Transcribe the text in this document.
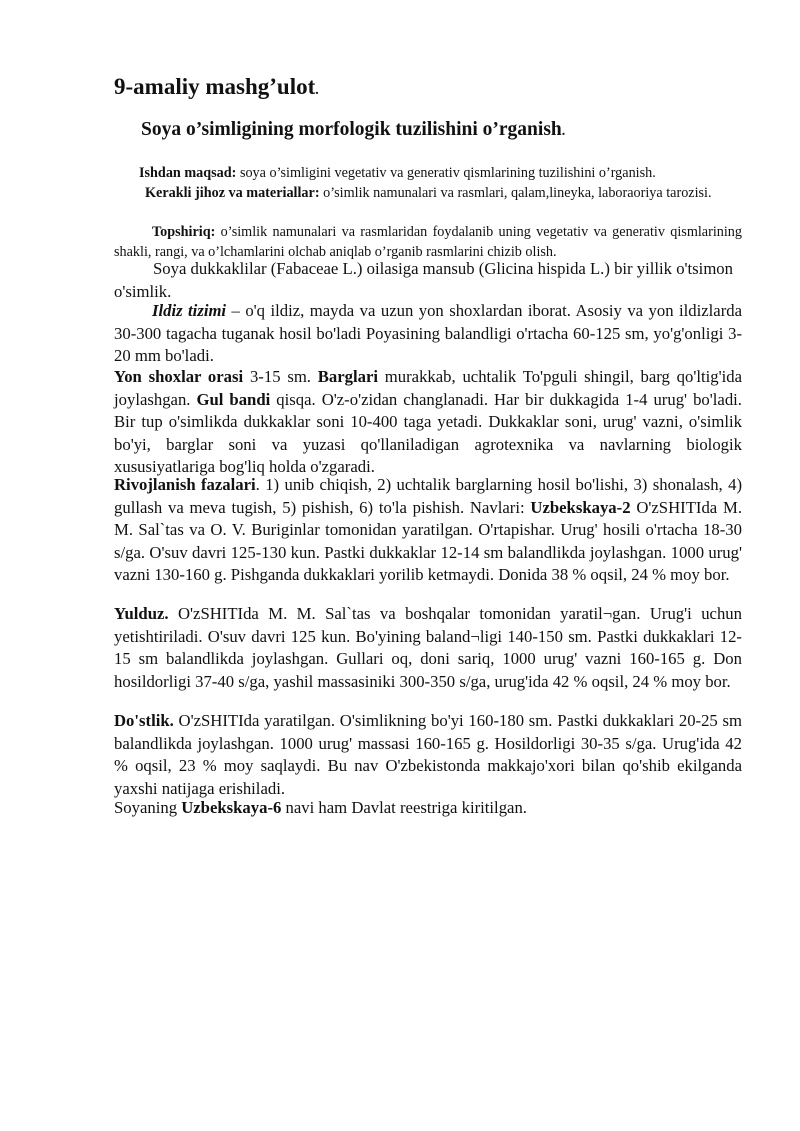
9-amaliy mashg’ulot.
Soya o’simligining morfologik tuzilishini o’rganish.

Ishdan maqsad: soya o’simligini vegetativ va generativ qismlarining tuzilishini o’rganish.

Kerakli jihoz va materiallar: o’simlik namunalari va rasmlari, qalam,lineyka, laboraoriya tarozisi.

Topshiriq: o’simlik namunalari va rasmlaridan foydalanib uning vegetativ va generativ qismlarining shakli, rangi, va o’lchamlarini olchab aniqlab o’rganib rasmlarini chizib olish.

Soya dukkaklilar (Fabaceae L.) oilasiga mansub (Glicina hispida L.) bir yillik o'tsimon o'simlik.

Ildiz tizimi – o'q ildiz, mayda va uzun yon shoxlardan iborat. Asosiy va yon ildizlarda 30-300 tagacha tuganak hosil bo'ladi Poyasining balandligi o'rtacha 60-125 sm, yo'g'onligi 3-20 mm bo'ladi.

Yon shoxlar orasi 3-15 sm. Barglari murakkab, uchtalik To'pguli shingil, barg qo'ltig'ida joylashgan. Gul bandi qisqa. O'z-o'zidan changlanadi. Har bir dukkagida 1-4 urug' bo'ladi. Bir tup o'simlikda dukkaklar soni 10-400 taga yetadi. Dukkaklar soni, urug' vazni, o'simlik bo'yi, barglar soni va yuzasi qo'llaniladigan agrotexnika va navlarning biologik xususiyatlariga bog'liq holda o'zgaradi.

Rivojlanish fazalari. 1) unib chiqish, 2) uchtalik barglarning hosil bo'lishi, 3) shonalash, 4) gullash va meva tugish, 5) pishish, 6) to'la pishish. Navlari: Uzbekskaya-2 O'zSHITIda M. M. Sal`tas va O. V. Buriginlar tomonidan yaratilgan. O'rtapishar. Urug' hosili o'rtacha 18-30 s/ga. O'suv davri 125-130 kun. Pastki dukkaklar 12-14 sm balandlikda joylashgan. 1000 urug' vazni 130-160 g. Pishganda dukkaklari yorilib ketmaydi. Donida 38 % oqsil, 24 % moy bor.

Yulduz. O'zSHITIda M. M. Sal`tas va boshqalar tomonidan yaratil¬gan. Urug'i uchun yetishtiriladi. O'suv davri 125 kun. Bo'yining baland¬ligi 140-150 sm. Pastki dukkaklari 12-15 sm balandlikda joylashgan. Gullari oq, doni sariq, 1000 urug' vazni 160-165 g. Don hosildorligi 37-40 s/ga, yashil massasiniki 300-350 s/ga, urug'ida 42 % oqsil, 24 % moy bor.

Do'stlik. O'zSHITIda yaratilgan. O'simlikning bo'yi 160-180 sm. Pastki dukkaklari 20-25 sm balandlikda joylashgan. 1000 urug' massasi 160-165 g. Hosildorligi 30-35 s/ga. Urug'ida 42 % oqsil, 23 % moy saqlaydi. Bu nav O'zbekistonda makkajo'xori bilan qo'shib ekilganda yaxshi natijaga erishiladi.

Soyaning Uzbekskaya-6 navi ham Davlat reestriga kiritilgan.
